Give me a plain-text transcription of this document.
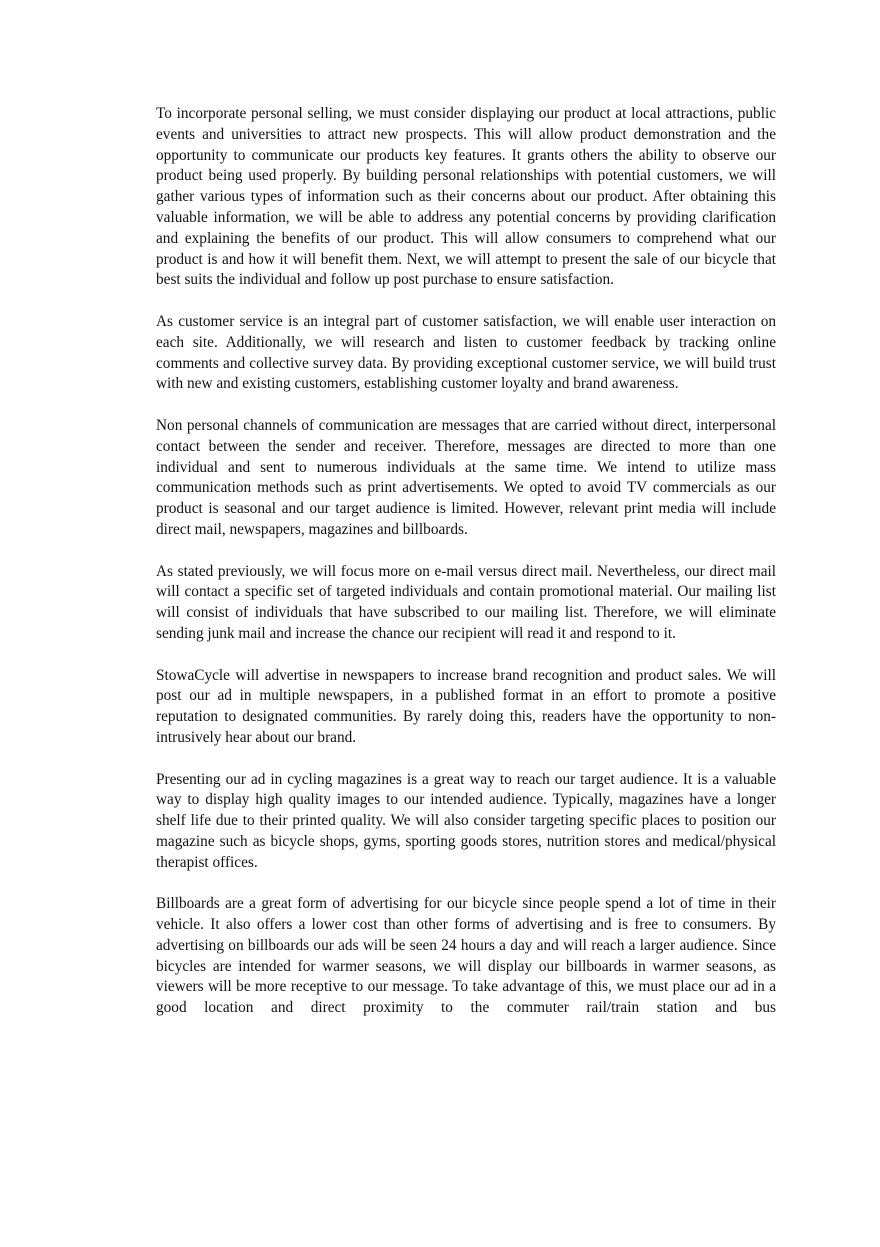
To incorporate personal selling, we must consider displaying our product at local attractions, public events and universities to attract new prospects. This will allow product demonstration and the opportunity to communicate our products key features. It grants others the ability to observe our product being used properly. By building personal relationships with potential customers, we will gather various types of information such as their concerns about our product. After obtaining this valuable information, we will be able to address any potential concerns by providing clarification and explaining the benefits of our product. This will allow consumers to comprehend what our product is and how it will benefit them. Next, we will attempt to present the sale of our bicycle that best suits the individual and follow up post purchase to ensure satisfaction.

As customer service is an integral part of customer satisfaction, we will enable user interaction on each site. Additionally, we will research and listen to customer feedback by tracking online comments and collective survey data. By providing exceptional customer service, we will build trust with new and existing customers, establishing customer loyalty and brand awareness.

Non personal channels of communication are messages that are carried without direct, interpersonal contact between the sender and receiver. Therefore, messages are directed to more than one individual and sent to numerous individuals at the same time. We intend to utilize mass communication methods such as print advertisements. We opted to avoid TV commercials as our product is seasonal and our target audience is limited. However, relevant print media will include direct mail, newspapers, magazines and billboards.

As stated previously, we will focus more on e-mail versus direct mail. Nevertheless, our direct mail will contact a specific set of targeted individuals and contain promotional material. Our mailing list will consist of individuals that have subscribed to our mailing list. Therefore, we will eliminate sending junk mail and increase the chance our recipient will read it and respond to it.

StowaCycle will advertise in newspapers to increase brand recognition and product sales. We will post our ad in multiple newspapers, in a published format in an effort to promote a positive reputation to designated communities. By rarely doing this, readers have the opportunity to non-intrusively hear about our brand.

Presenting our ad in cycling magazines is a great way to reach our target audience. It is a valuable way to display high quality images to our intended audience. Typically, magazines have a longer shelf life due to their printed quality. We will also consider targeting specific places to position our magazine such as bicycle shops, gyms, sporting goods stores, nutrition stores and medical/physical therapist offices.

Billboards are a great form of advertising for our bicycle since people spend a lot of time in their vehicle. It also offers a lower cost than other forms of advertising and is free to consumers. By advertising on billboards our ads will be seen 24 hours a day and will reach a larger audience. Since bicycles are intended for warmer seasons, we will display our billboards in warmer seasons, as viewers will be more receptive to our message. To take advantage of this, we must place our ad in a good location and direct proximity to the commuter rail/train station and bus
